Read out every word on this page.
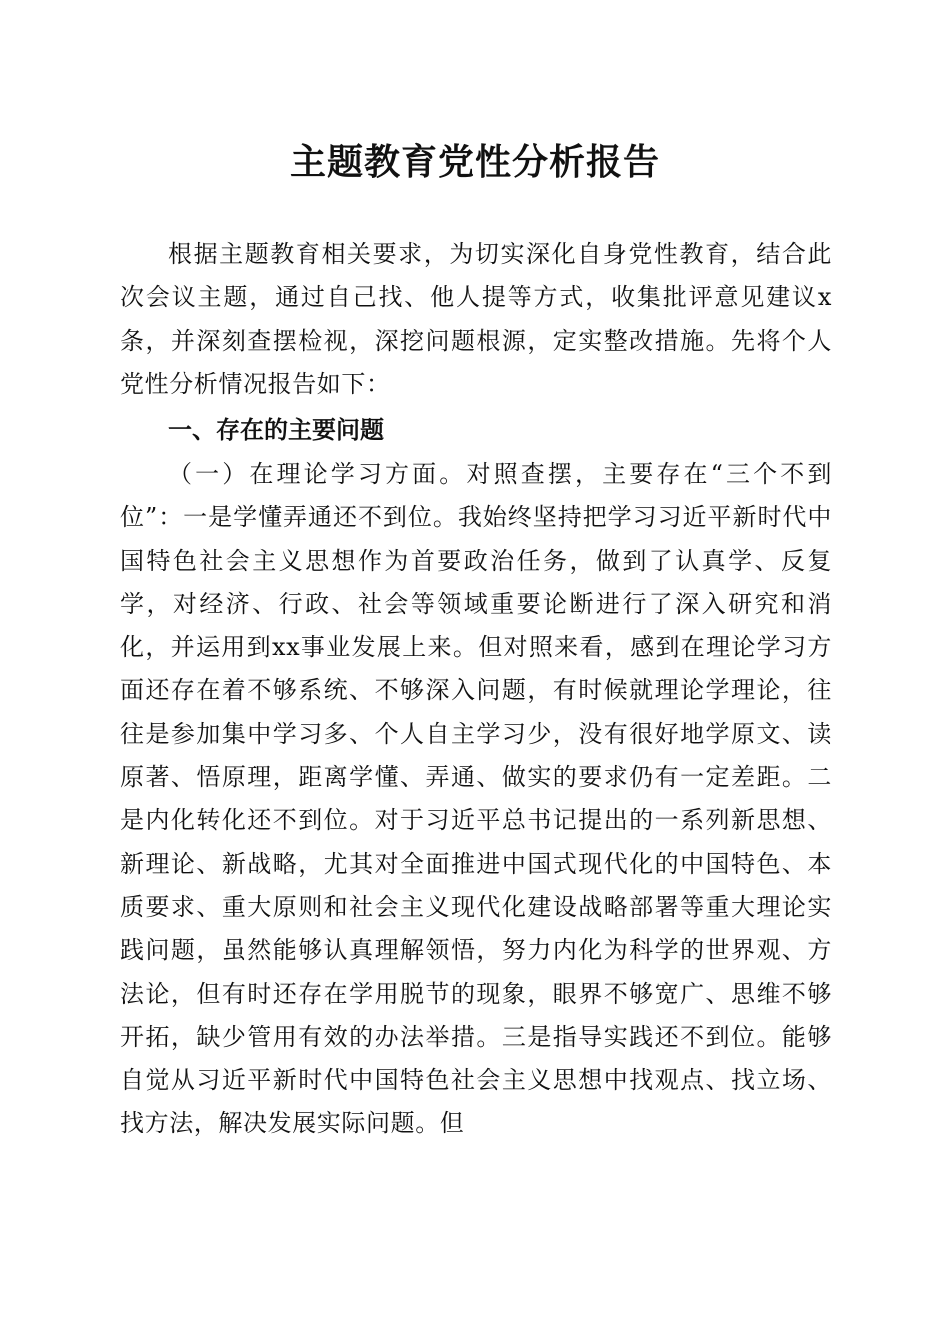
主题教育党性分析报告

根据主题教育相关要求，为切实深化自身党性教育，结合此次会议主题，通过自己找、他人提等方式，收集批评意见建议x条，并深刻查摆检视，深挖问题根源，定实整改措施。先将个人党性分析情况报告如下：

一、存在的主要问题

（一）在理论学习方面。对照查摆，主要存在“三个不到位”：一是学懂弄通还不到位。我始终坚持把学习习近平新时代中国特色社会主义思想作为首要政治任务，做到了认真学、反复学，对经济、行政、社会等领域重要论断进行了深入研究和消化，并运用到xx事业发展上来。但对照来看，感到在理论学习方面还存在着不够系统、不够深入问题，有时候就理论学理论，往往是参加集中学习多、个人自主学习少，没有很好地学原文、读原著、悟原理，距离学懂、弄通、做实的要求仍有一定差距。二是内化转化还不到位。对于习近平总书记提出的一系列新思想、新理论、新战略，尤其对全面推进中国式现代化的中国特色、本质要求、重大原则和社会主义现代化建设战略部署等重大理论实践问题，虽然能够认真理解领悟，努力内化为科学的世界观、方法论，但有时还存在学用脱节的现象，眼界不够宽广、思维不够开拓，缺少管用有效的办法举措。三是指导实践还不到位。能够自觉从习近平新时代中国特色社会主义思想中找观点、找立场、找方法，解决发展实际问题。但
